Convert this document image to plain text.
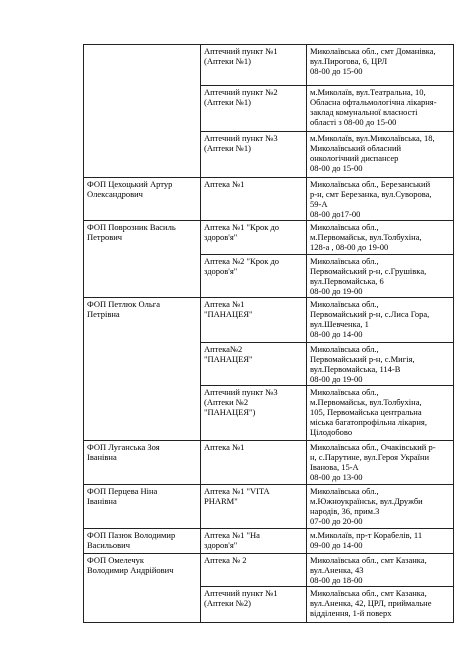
	Аптечний пункт №1
(Аптеки №1)	Миколаївська обл., смт Доманівка,
вул.Пирогова, 6, ЦРЛ
08-00 до 15-00
	Аптечний пункт №2
(Аптеки №1)	м.Миколаїв, вул.Театральна, 10,
Обласна офтальмологічна лікарня-
заклад комунальної власності
області з 08-00 до 15-00
	Аптечний пункт №3
(Аптеки №1)	м.Миколаїв, вул.Миколаївська, 18,
Миколаївський обласний
онкологічний диспансер
08-00 до 15-00
ФОП Цехоцький Артур
Олександрович	Аптека №1	Миколаївська обл., Березанський
р-н, смт Березанка, вул.Суворова,
59-А
08-00 до17-00
ФОП Поврозник Василь
Петрович	Аптека №1 "Крок до
здоров'я"	Миколаївська обл.,
м.Первомайськ, вул.Толбухіна,
128-а , 08-00 до 19-00
	Аптека №2 "Крок до
здоров'я"	Миколаївська обл.,
Первомайський р-н, с.Грушівка,
вул.Первомайська, 6
08-00 до 19-00
ФОП Петлюк Ольга
Петрівна	Аптека №1
"ПАНАЦЕЯ"	Миколаївська обл.,
Первомайський р-н, с.Лиса Гора,
вул.Шевченка, 1
08-00 до 14-00
	Аптека№2
"ПАНАЦЕЯ"	Миколаївська обл.,
Первомайський р-н, с.Мигія,
вул.Первомайська, 114-В
08-00 до 19-00
	Аптечний пункт №3
(Аптеки №2
"ПАНАЦЕЯ")	Миколаївська обл.,
м.Первомайськ, вул.Толбухіна,
105, Первомайська центральна
міська багатопрофільна лікарня,
Цілодобово
ФОП Луганська Зоя
Іванівна	Аптека №1	Миколаївська обл., Очаківський р-
н, с.Парутине, вул.Героя України
Іванова, 15-А
08-00 до 13-00
ФОП Перцева Ніна
Іванівна	Аптека №1 "VITA
PHARM"	Миколаївська обл.,
м.Южноукраїнськ, вул.Дружби
народів, 36, прим.3
07-00 до 20-00
ФОП Пазюк Володимир
Васильович	Аптека №1 "На
здоров'я"	м.Миколаїв, пр-т Корабелів, 11
09-00 до 14-00
ФОП Омелечук
Володимир Андрійович	Аптека № 2	Миколаївська обл., смт Казанка,
вул.Аненка, 43
08-00 до 18-00
	Аптечний пункт №1
(Аптеки №2)	Миколаївська обл., смт Казанка,
вул.Аненка, 42, ЦРЛ, приймальне
відділення, 1-й поверх
